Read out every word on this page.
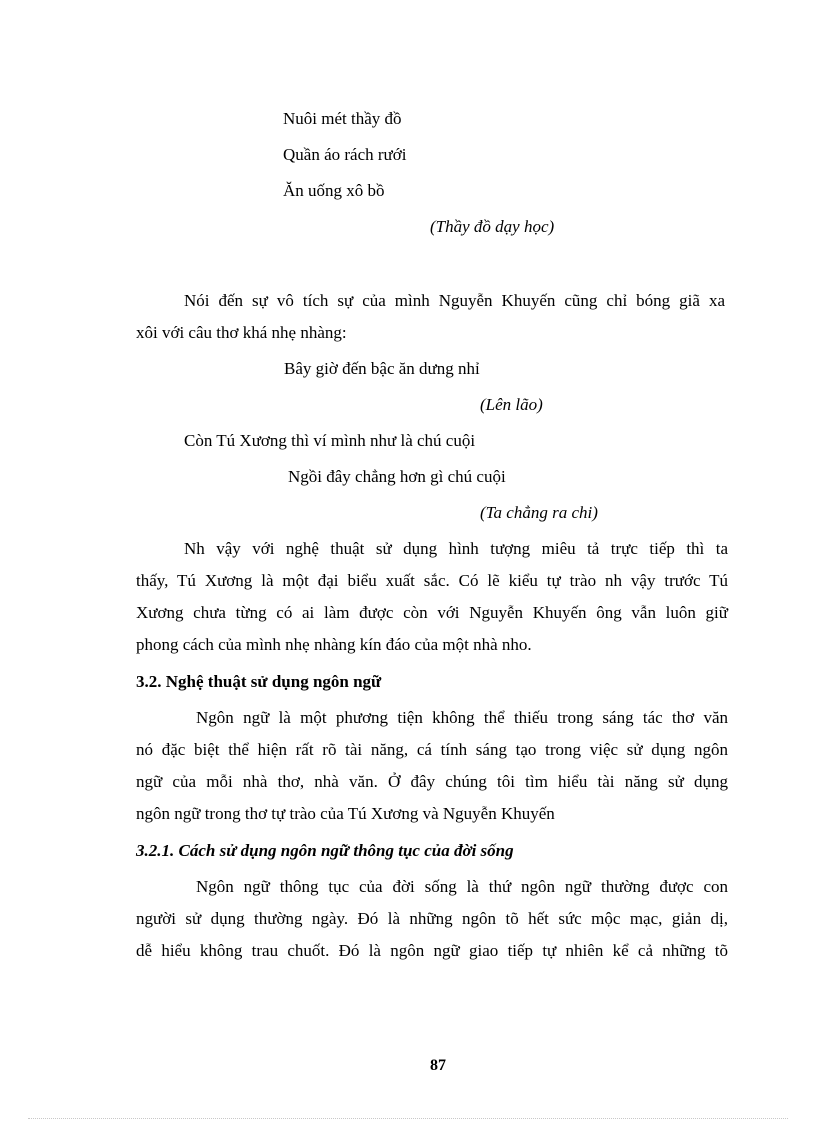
Nuôi mét thầy đồ
Quần áo rách rưới
Ăn uống xô bồ
(Thầy đồ dạy học)
Nói đến sự vô tích sự của mình Nguyễn Khuyến cũng chỉ bóng giã xa
xôi với câu thơ khá nhẹ nhàng:
Bây giờ đến bậc ăn dưng nhỉ
(Lên lão)
Còn Tú Xương thì ví mình như là chú cuội
Ngồi đây chẳng hơn gì chú cuội
(Ta chẳng ra chi)
Nh vậy với nghệ thuật sử dụng hình tượng miêu tả trực tiếp thì ta
thấy, Tú Xương là một đại biểu xuất sắc. Có lẽ kiểu tự trào nh vậy trước Tú
Xương chưa từng có ai làm được còn với Nguyễn Khuyến ông vẫn luôn giữ
phong cách của mình nhẹ nhàng kín đáo của một nhà nho.
3.2. Nghệ thuật sử dụng ngôn ngữ
Ngôn ngữ là một phương tiện không thể thiếu trong sáng tác thơ văn
nó đặc biệt thể hiện rất rõ tài năng, cá tính sáng tạo trong việc sử dụng ngôn
ngữ của mỗi nhà thơ, nhà văn. Ở đây chúng tôi tìm hiểu tài năng sử dụng
ngôn ngữ trong thơ tự trào của Tú Xương và Nguyễn Khuyến
3.2.1. Cách sử dụng ngôn ngữ thông tục của đời sống
Ngôn ngữ thông tục của đời sống là thứ ngôn ngữ thường được con
người sử dụng thường ngày. Đó là những ngôn tõ hết sức mộc mạc, giản dị,
dễ hiểu không trau chuốt. Đó là ngôn ngữ giao tiếp tự nhiên kể cả những tõ
87
